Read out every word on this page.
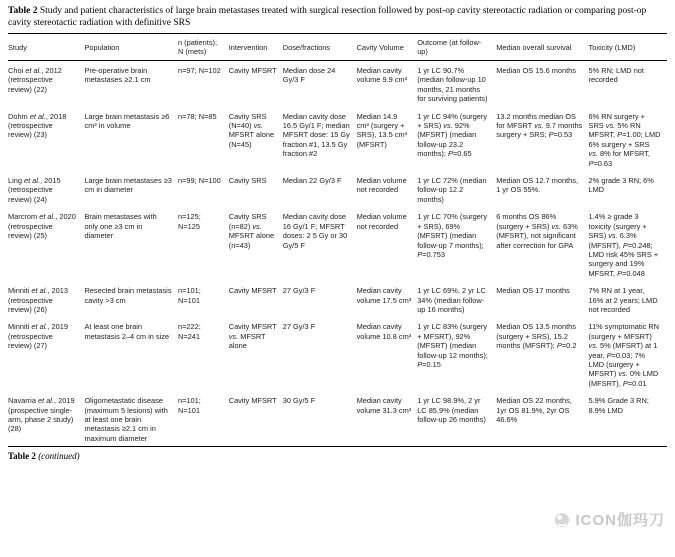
Table 2 Study and patient characteristics of large brain metastases treated with surgical resection followed by post-op cavity stereotactic radiation or comparing post-op cavity stereotactic radiation with definitive SRS
Study	Population	n (patients); N (mets)	Intervention	Dose/fractions	Cavity Volume	Outcome (at follow-up)	Median overall survival	Toxicity (LMD)
Choi et al., 2012 (retrospective review) (22)	Pre-operative brain metastases ≥2.1 cm	n=97; N=102	Cavity MFSRT	Median dose 24 Gy/3 F	Median cavity volume 9.9 cm³	1 yr LC 90.7% (median follow-up 10 months, 21 months for surviving patients)	Median OS 15.6 months	5% RN; LMD not recorded
Dohm et al., 2018 (retrospective review) (23)	Large brain metastasis ≥6 cm³ in volume	n=78; N=85	Cavity SRS (N=40) vs. MFSRT alone (N=45)	Median cavity dose 16.5 Gy/1 F; median MFSRT dose: 15 Gy fraction #1, 13.5 Gy fraction #2	Median 14.9 cm³ (surgery + SRS), 13.5 cm³ (MFSRT)	1 yr LC 94% (surgery + SRS) vs. 92% (MFSRT) (median follow-up 23.2 months); P=0.65	13.2 months median OS for MFSRT vs. 9.7 months surgery + SRS; P=0.53	6% RN surgery + SRS vs. 5% RN MFSRT, P=1.00; LMD 6% surgery + SRS vs. 8% for MFSRT, P=0.63
Ling et al., 2015 (retrospective review) (24)	Large brain metastases ≥3 cm in diameter	n=99; N=100	Cavity SRS	Median 22 Gy/3 F	Median volume not recorded	1 yr LC 72% (median follow-up 12.2 months)	Median OS 12.7 months, 1 yr OS 55%.	2% grade 3 RN; 6% LMD
Marcrom et al., 2020 (retrospective review) (25)	Brain metastases with only one ≥3 cm in diameter	n=125; N=125	Cavity SRS (n=82) vs. MFSRT alone (n=43)	Median cavity dose 16 Gy/1 F; MFSRT doses: 2 5 Gy or 30 Gy/5 F	Median volume not recorded	1 yr LC 70% (surgery + SRS), 69% (MFSRT) (median follow-up 7 months); P=0.753	6 months OS 86% (surgery + SRS) vs. 63% (MFSRT), not significant after correction for GPA	1.4% ≥ grade 3 toxicity (surgery + SRS) vs. 6.3% (MFSRT), P=0.248; LMD risk 45% SRS + surgery and 19% MFSRT, P=0.048
Minniti et al., 2013 (retrospective review) (26)	Resected brain metastasis cavity >3 cm	n=101; N=101	Cavity MFSRT	27 Gy/3 F	Median cavity volume 17.5 cm³	1 yr LC 69%, 2 yr LC 34% (median follow-up 16 months)	Median OS 17 months	7% RN at 1 year, 16% at 2 years; LMD not recorded
Minniti et al., 2019 (retrospective review) (27)	At least one brain metastasis 2–4 cm in size	n=222; N=241	Cavity MFSRT vs. MFSRT alone	27 Gy/3 F	Median cavity volume 10.8 cm³	1 yr LC 83% (surgery + MFSRT), 92% (MFSRT) (median follow-up 12 months); P=0.15	Median OS 13.5 months (surgery + SRS), 15.2 months (MFSRT); P=0.2	11% symptomatic RN (surgery + MFSRT) vs. 5% (MFSRT) at 1 year, P=0.03; 7% LMD (surgery + MFSRT) vs. 0% LMD (MFSRT), P=0.01
Navarria et al., 2019 (prospective single-arm, phase 2 study) (28)	Oligometastatic disease (maximum 5 lesions) with at least one brain metastasis ≥2.1 cm in maximum diameter	n=101; N=101	Cavity MFSRT	30 Gy/5 F	Median cavity volume 31.3 cm³	1 yr LC 98.9%, 2 yr LC 85.9% (median follow-up 26 months)	Median OS 22 months, 1yr OS 81.9%, 2yr OS 46.6%	5.9% Grade 3 RN; 8.9% LMD
Table 2 (continued)
ICON伽玛刀
